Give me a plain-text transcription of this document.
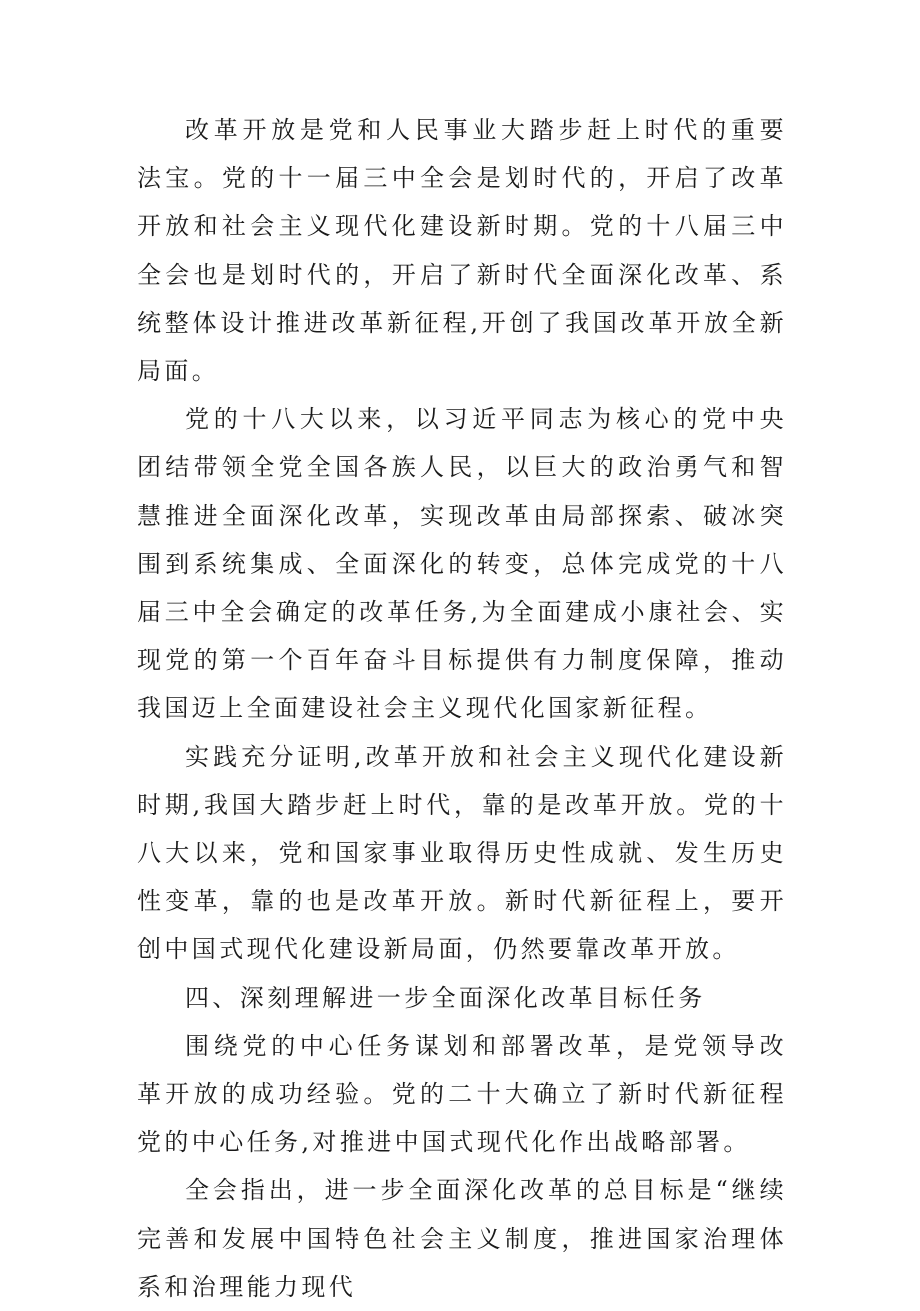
改革开放是党和人民事业大踏步赶上时代的重要法宝。党的十一届三中全会是划时代的，开启了改革开放和社会主义现代化建设新时期。党的十八届三中全会也是划时代的，开启了新时代全面深化改革、系统整体设计推进改革新征程,开创了我国改革开放全新局面。

党的十八大以来，以习近平同志为核心的党中央团结带领全党全国各族人民，以巨大的政治勇气和智慧推进全面深化改革，实现改革由局部探索、破冰突围到系统集成、全面深化的转变，总体完成党的十八届三中全会确定的改革任务,为全面建成小康社会、实现党的第一个百年奋斗目标提供有力制度保障，推动我国迈上全面建设社会主义现代化国家新征程。

实践充分证明,改革开放和社会主义现代化建设新时期,我国大踏步赶上时代，靠的是改革开放。党的十八大以来，党和国家事业取得历史性成就、发生历史性变革，靠的也是改革开放。新时代新征程上，要开创中国式现代化建设新局面，仍然要靠改革开放。

四、深刻理解进一步全面深化改革目标任务

围绕党的中心任务谋划和部署改革，是党领导改革开放的成功经验。党的二十大确立了新时代新征程党的中心任务,对推进中国式现代化作出战略部署。

全会指出，进一步全面深化改革的总目标是“继续完善和发展中国特色社会主义制度，推进国家治理体系和治理能力现代
